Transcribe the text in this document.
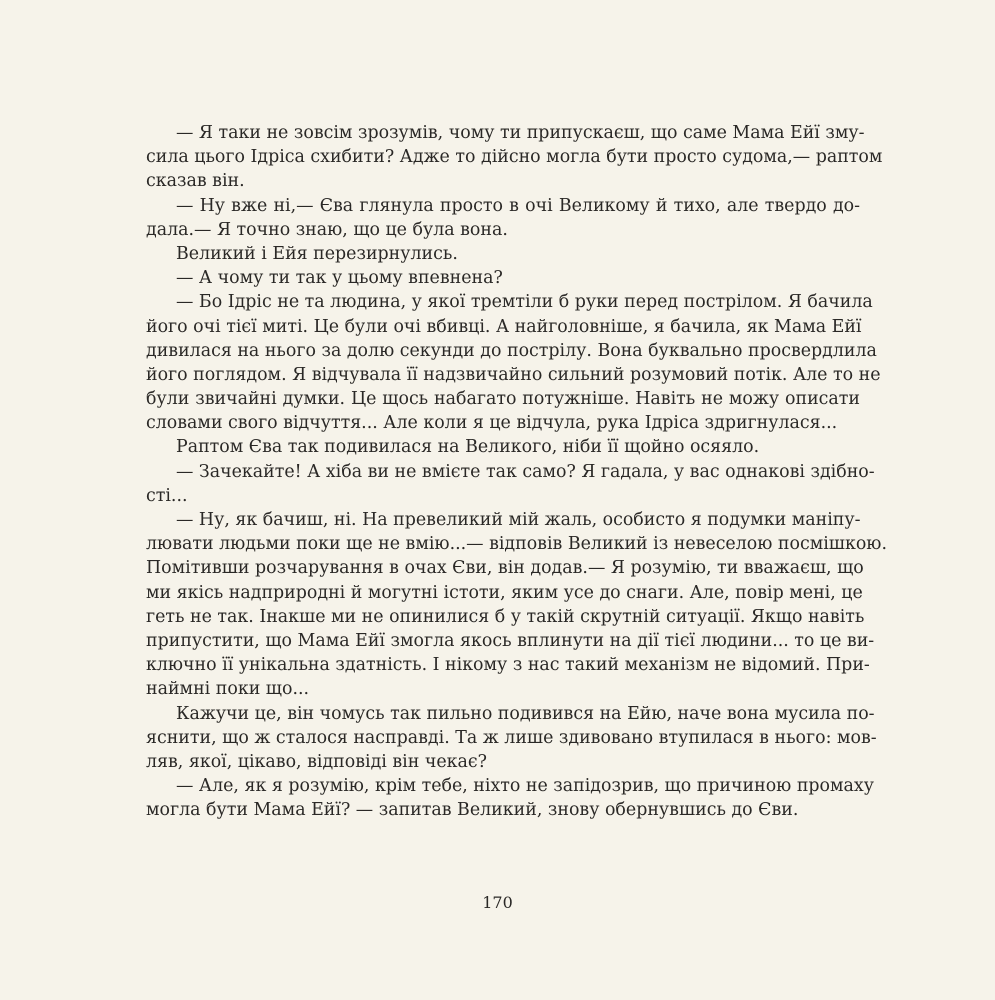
— Я таки не зовсім зрозумів, чому ти припускаєш, що саме Мама Ейї зму-
сила цього Ідріса схибити? Адже то дійсно могла бути просто судома,— раптом
сказав він.
— Ну вже ні,— Єва глянула просто в очі Великому й тихо, але твердо до-
дала.— Я точно знаю, що це була вона.
Великий і Ейя перезирнулись.
— А чому ти так у цьому впевнена?
— Бо Ідріс не та людина, у якої тремтіли б руки перед пострілом. Я бачила
його очі тієї миті. Це були очі вбивці. А найголовніше, я бачила, як Мама Ейї
дивилася на нього за долю секунди до пострілу. Вона буквально просвердлила
його поглядом. Я відчувала її надзвичайно сильний розумовий потік. Але то не
були звичайні думки. Це щось набагато потужніше. Навіть не можу описати
словами свого відчуття... Але коли я це відчула, рука Ідріса здригнулася...
Раптом Єва так подивилася на Великого, ніби її щойно осяяло.
— Зачекайте! А хіба ви не вмієте так само? Я гадала, у вас однакові здібно-
сті...
— Ну, як бачиш, ні. На превеликий мій жаль, особисто я подумки маніпу-
лювати людьми поки ще не вмію...— відповів Великий із невеселою посмішкою.
Помітивши розчарування в очах Єви, він додав.— Я розумію, ти вважаєш, що
ми якісь надприродні й могутні істоти, яким усе до снаги. Але, повір мені, це
геть не так. Інакше ми не опинилися б у такій скрутній ситуації. Якщо навіть
припустити, що Мама Ейї змогла якось вплинути на дії тієї людини... то це ви-
ключно її унікальна здатність. І нікому з нас такий механізм не відомий. При-
наймні поки що...
Кажучи це, він чомусь так пильно подивився на Ейю, наче вона мусила по-
яснити, що ж сталося насправді. Та ж лише здивовано втупилася в нього: мов-
ляв, якої, цікаво, відповіді він чекає?
— Але, як я розумію, крім тебе, ніхто не запідозрив, що причиною промаху
могла бути Мама Ейї? — запитав Великий, знову обернувшись до Єви.
170
